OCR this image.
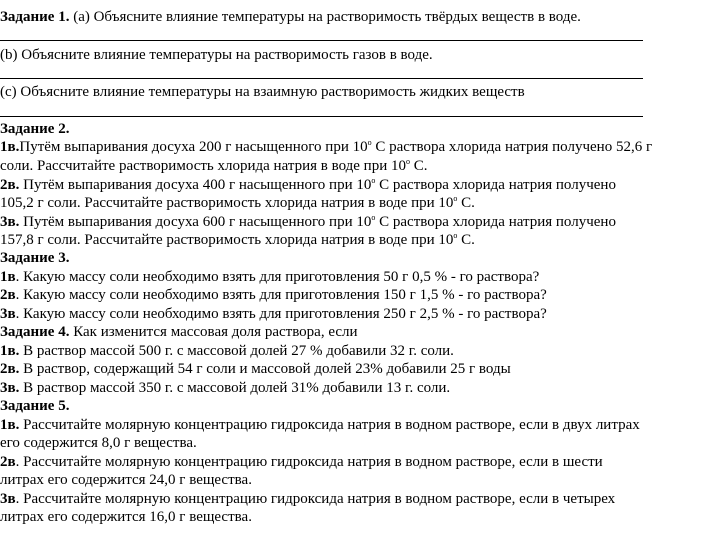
Задание 1. (a) Объясните влияние температуры на растворимость твёрдых веществ в воде.
(b) Объясните влияние температуры на растворимость газов в воде.
(c) Объясните влияние температуры на взаимную растворимость жидких веществ
Задание 2.
1в.Путём выпаривания досуха 200 г насыщенного при 10$^o$ С раствора хлорида натрия получено 52,6 г
соли. Рассчитайте растворимость хлорида натрия в воде при 10$^o$ С.
2в. Путём выпаривания досуха 400 г насыщенного при 10$^o$ С раствора хлорида натрия получено
105,2 г соли. Рассчитайте растворимость хлорида натрия в воде при 10$^o$ С.
3в. Путём выпаривания досуха 600 г насыщенного при 10$^o$ С раствора хлорида натрия получено
157,8 г соли. Рассчитайте растворимость хлорида натрия в воде при 10$^o$ С.
Задание 3.
1в. Какую массу соли необходимо взять для приготовления 50 г 0,5 % - го раствора?
2в. Какую массу соли необходимо взять для приготовления 150 г 1,5 % - го раствора?
3в. Какую массу соли необходимо взять для приготовления 250 г 2,5 % - го раствора?
Задание 4. Как изменится массовая доля раствора, если
1в. В раствор массой 500 г. с массовой долей 27 % добавили 32 г. соли.
2в. В раствор, содержащий 54 г соли и массовой долей 23% добавили 25 г воды
3в. В раствор массой 350 г. с массовой долей 31% добавили 13 г. соли.
Задание 5.
1в. Рассчитайте молярную концентрацию гидроксида натрия в водном растворе, если в двух литрах
его содержится 8,0 г вещества.
2в. Рассчитайте молярную концентрацию гидроксида натрия в водном растворе, если в шести
литрах его содержится 24,0 г вещества.
3в. Рассчитайте молярную концентрацию гидроксида натрия в водном растворе, если в четырех
литрах его содержится 16,0 г вещества.
